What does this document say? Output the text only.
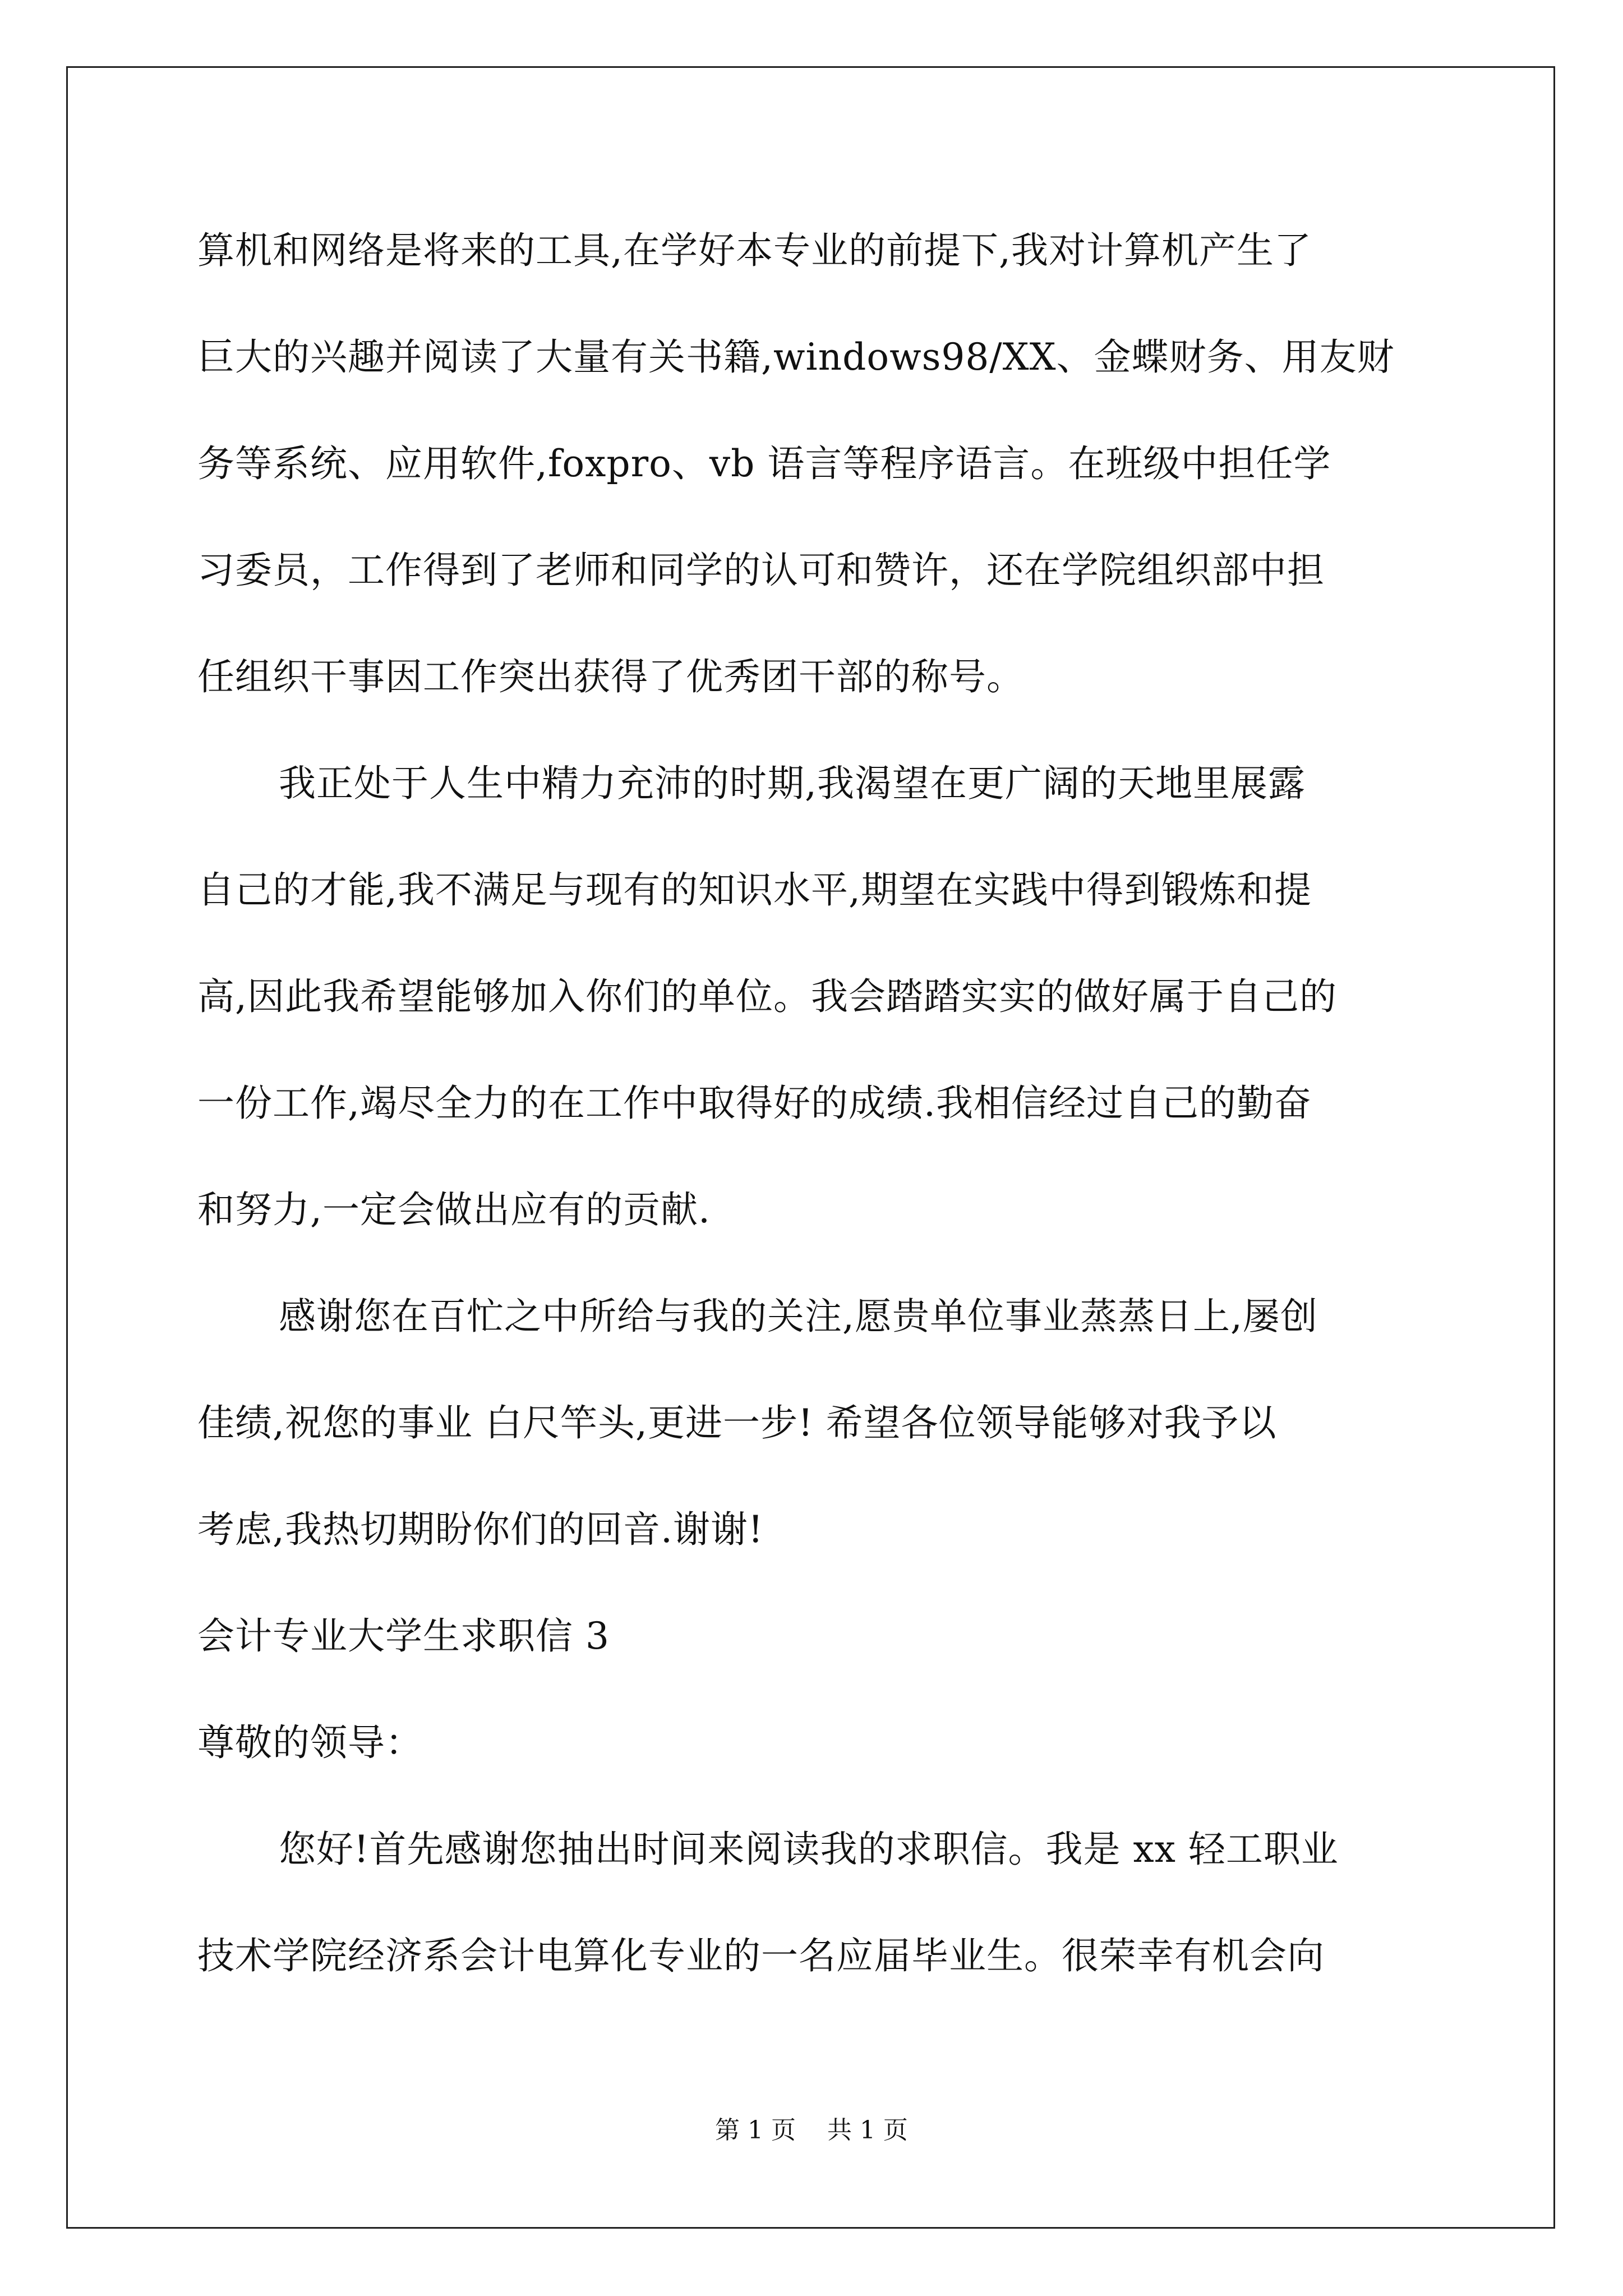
算机和网络是将来的工具,在学好本专业的前提下,我对计算机产生了
巨大的兴趣并阅读了大量有关书籍,windows98/XX、金蝶财务、用友财
务等系统、应用软件,foxpro、vb 语言等程序语言。在班级中担任学
习委员，工作得到了老师和同学的认可和赞许，还在学院组织部中担
任组织干事因工作突出获得了优秀团干部的称号。
我正处于人生中精力充沛的时期,我渴望在更广阔的天地里展露
自己的才能,我不满足与现有的知识水平,期望在实践中得到锻炼和提
高,因此我希望能够加入你们的单位。我会踏踏实实的做好属于自己的
一份工作,竭尽全力的在工作中取得好的成绩.我相信经过自己的勤奋
和努力,一定会做出应有的贡献.
感谢您在百忙之中所给与我的关注,愿贵单位事业蒸蒸日上,屡创
佳绩,祝您的事业 白尺竿头,更进一步! 希望各位领导能够对我予以
考虑,我热切期盼你们的回音.谢谢!
会计专业大学生求职信 3
尊敬的领导：
您好!首先感谢您抽出时间来阅读我的求职信。我是 xx 轻工职业
技术学院经济系会计电算化专业的一名应届毕业生。很荣幸有机会向
第 1 页    共 1 页
